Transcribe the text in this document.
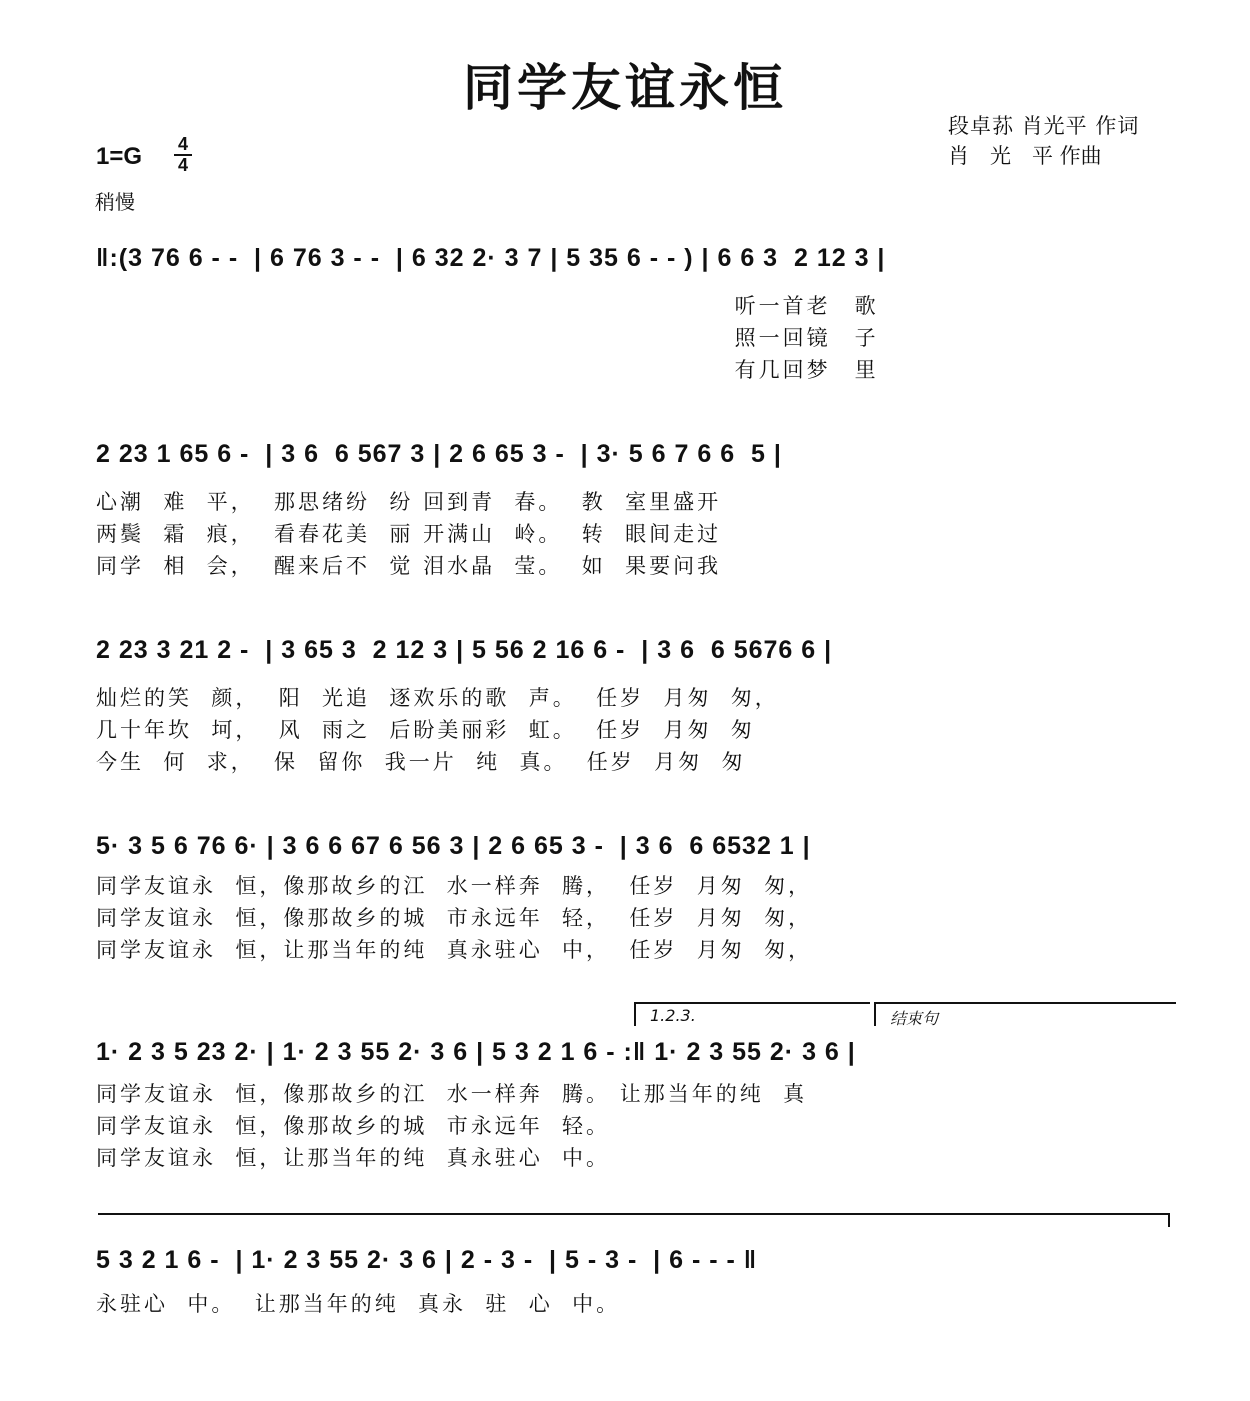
同学友谊永恒
段卓荪 肖光平 作词
肖　光　平 作曲
1=G	4
4
稍慢
‖:(3 76 6 - -  | 6 76 3 - -  | 6 32 2· 3 7 | 5 35 6 - - ) | 6 6 3  2 12 3 |
听一首老　歌
照一回镜　子
有几回梦　里
2 23 1 65 6 -  | 3 6  6 567 3 | 2 6 65 3 -  | 3· 5 6 7 6 6  5 |
心潮  难  平，  那思绪纷  纷 回到青  春。  教  室里盛开
两鬓  霜  痕，  看春花美  丽 开满山  岭。  转  眼间走过
同学  相  会，  醒来后不  觉 泪水晶  莹。  如  果要问我
2 23 3 21 2 -  | 3 65 3  2 12 3 | 5 56 2 16 6 -  | 3 6  6 5676 6 |
灿烂的笑  颜，  阳  光追  逐欢乐的歌  声。  任岁  月匆  匆，
几十年坎  坷，  风  雨之  后盼美丽彩  虹。  任岁  月匆  匆
今生  何  求，  保  留你  我一片  纯  真。  任岁  月匆  匆
5· 3 5 6 76 6· | 3 6 6 67 6 56 3 | 2 6 65 3 -  | 3 6  6 6532 1 |
同学友谊永  恒，像那故乡的江  水一样奔  腾，  任岁  月匆  匆，
同学友谊永  恒，像那故乡的城  市永远年  轻，  任岁  月匆  匆，
同学友谊永  恒，让那当年的纯  真永驻心  中，  任岁  月匆  匆，
1.2.3.	结束句
1· 2 3 5 23 2· | 1· 2 3 55 2· 3 6 | 5 3 2 1 6 - :‖ 1· 2 3 55 2· 3 6 |
同学友谊永  恒，像那故乡的江  水一样奔  腾。 让那当年的纯  真
同学友谊永  恒，像那故乡的城  市永远年  轻。
同学友谊永  恒，让那当年的纯  真永驻心  中。
5 3 2 1 6 -  | 1· 2 3 55 2· 3 6 | 2 - 3 -  | 5 - 3 -  | 6 - - - ‖
永驻心  中。  让那当年的纯  真永  驻  心  中。
